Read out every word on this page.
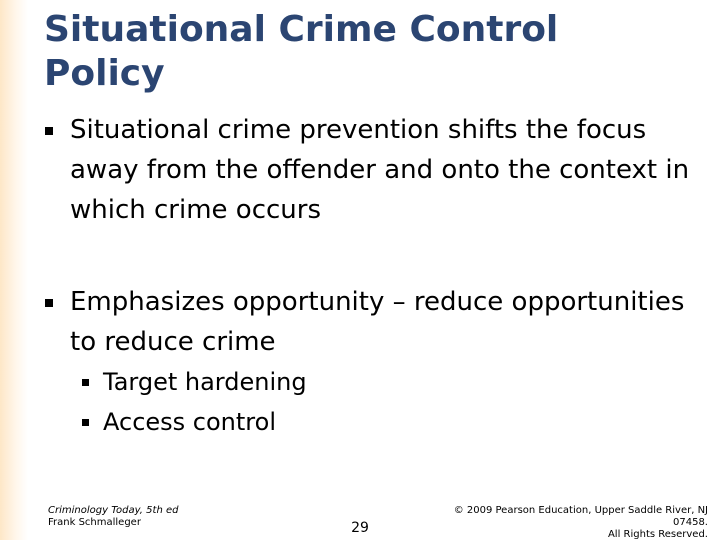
Situational Crime Control Policy
Situational crime prevention shifts the focus away from the offender and onto the context in which crime occurs
Emphasizes opportunity – reduce opportunities to reduce crime
Target hardening
Access control
Criminology Today, 5th ed
Frank Schmalleger	29
© 2009 Pearson Education, Upper Saddle River, NJ 07458.
All Rights Reserved.
